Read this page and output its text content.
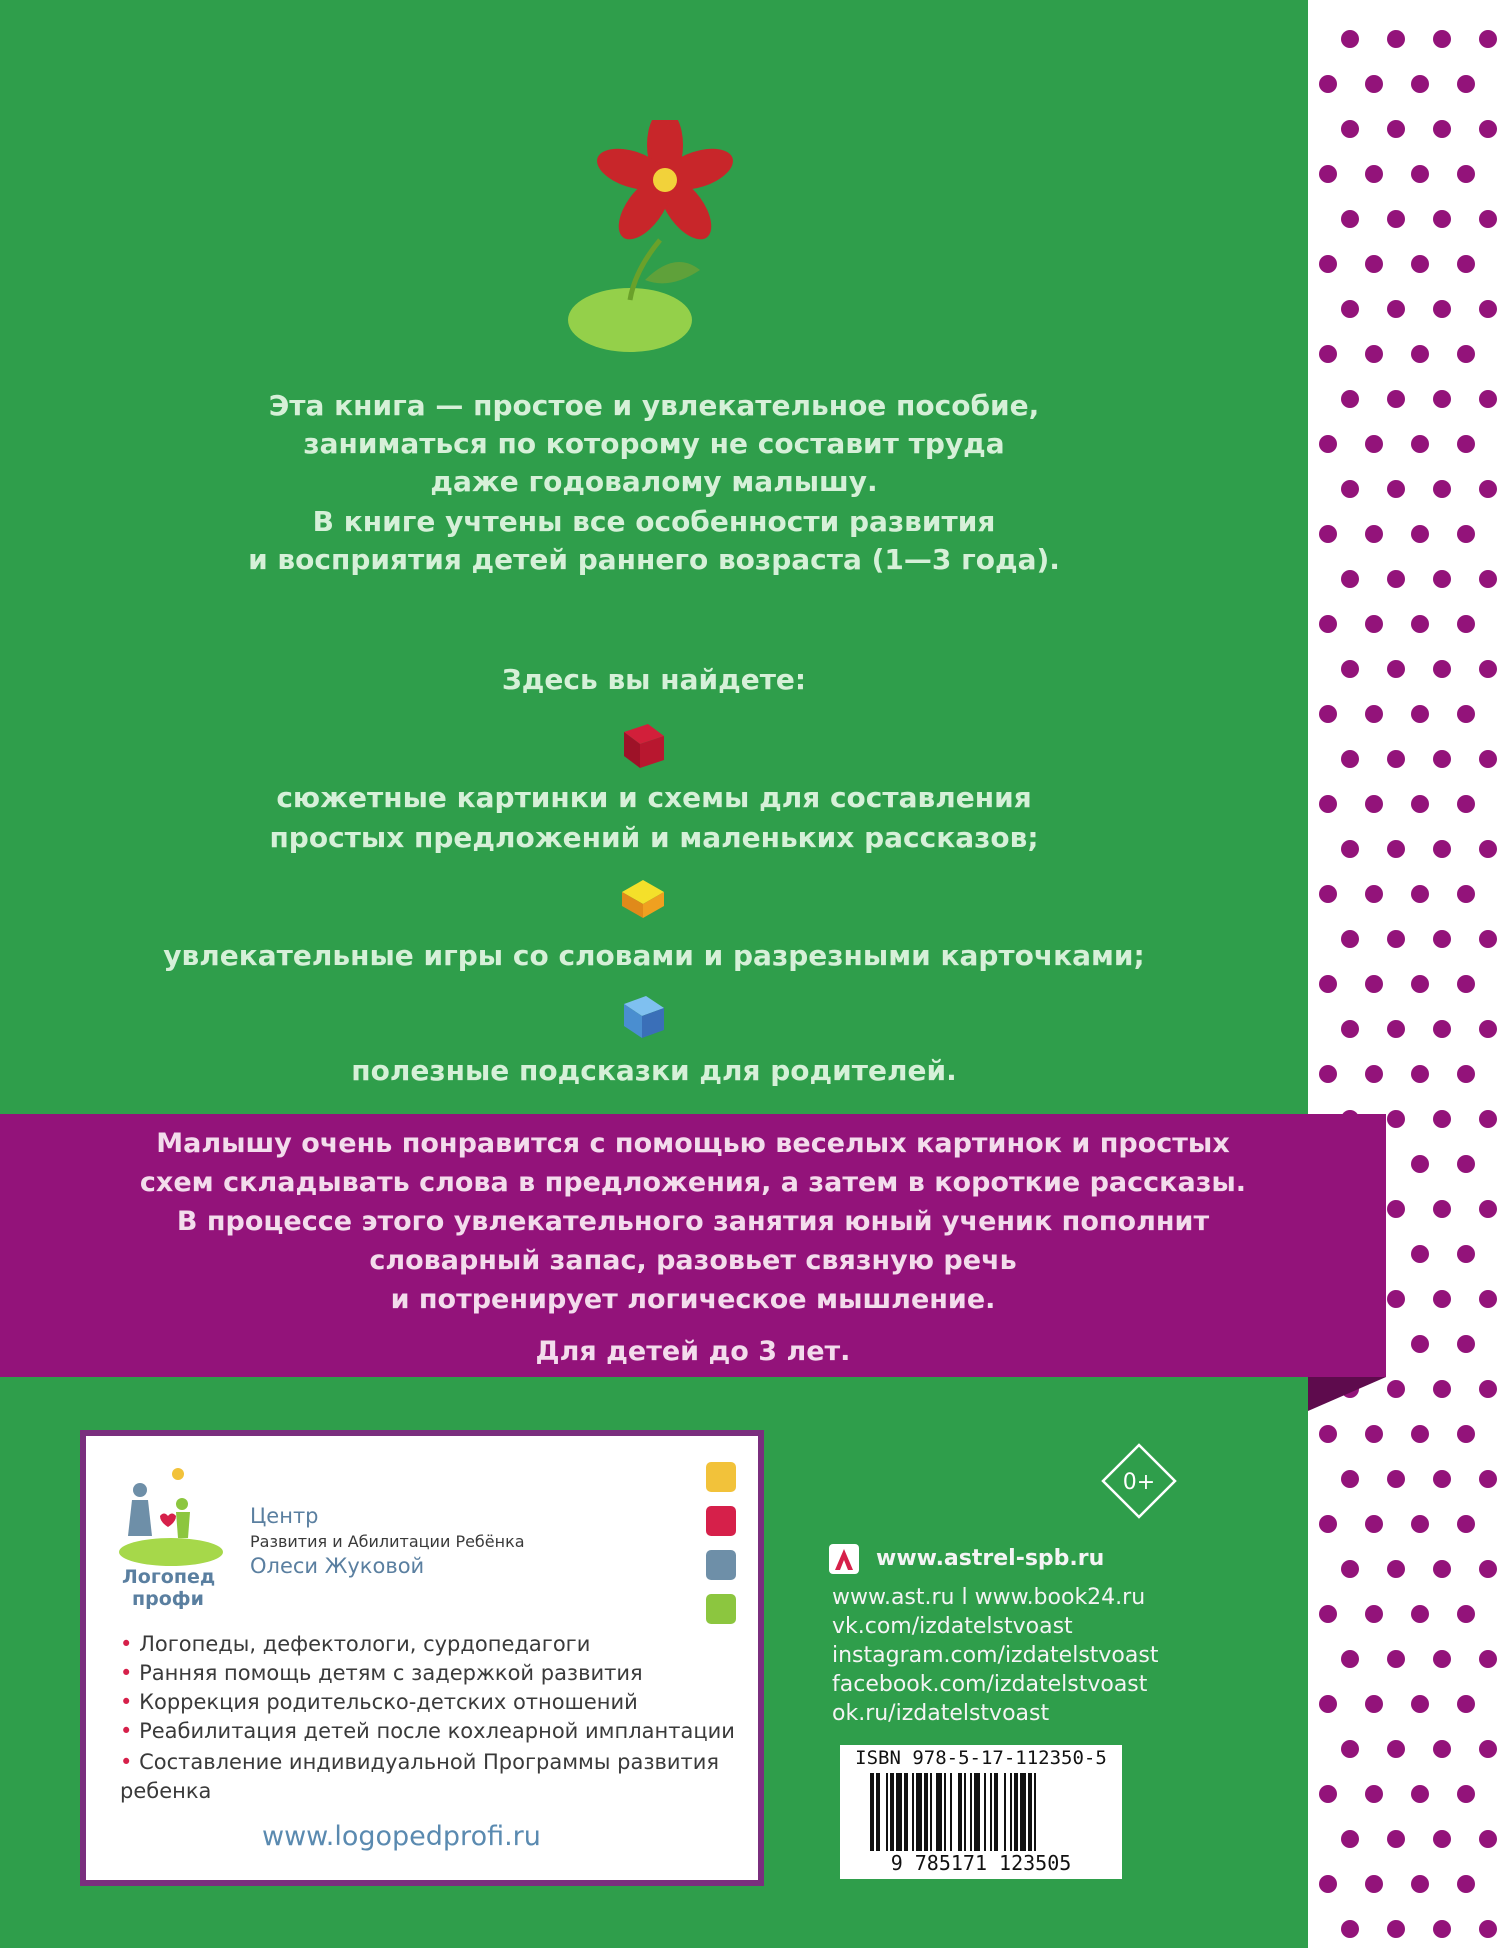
Эта книга — простое и увлекательное пособие,
заниматься по которому не составит труда
даже годовалому малышу.
В книге учтены все особенности развития
и восприятия детей раннего возраста (1—3 года).
Здесь вы найдете:
сюжетные картинки и схемы для составления
простых предложений и маленьких рассказов;
увлекательные игры со словами и разрезными карточками;
полезные подсказки для родителей.
Малышу очень понравится с помощью веселых картинок и простых
схем складывать слова в предложения, а затем в короткие рассказы.
В процессе этого увлекательного занятия юный ученик пополнит
словарный запас, разовьет связную речь
и потренирует логическое мышление.
Для детей до 3 лет.
Логопед
профи
Центр
Развития и Абилитации Ребёнка
Олеси Жуковой
• Логопеды, дефектологи, сурдопедагоги
• Ранняя помощь детям с задержкой развития
• Коррекция родительско-детских отношений
• Реабилитация детей после кохлеарной имплантации
• Составление индивидуальной Программы развития ребенка
www.logopedprofi.ru
0+
www.astrel-spb.ru
www.ast.ru l www.book24.ru
vk.com/izdatelstvoast
instagram.com/izdatelstvoast
facebook.com/izdatelstvoast
ok.ru/izdatelstvoast
ISBN 978-5-17-112350-5
9 785171 123505
